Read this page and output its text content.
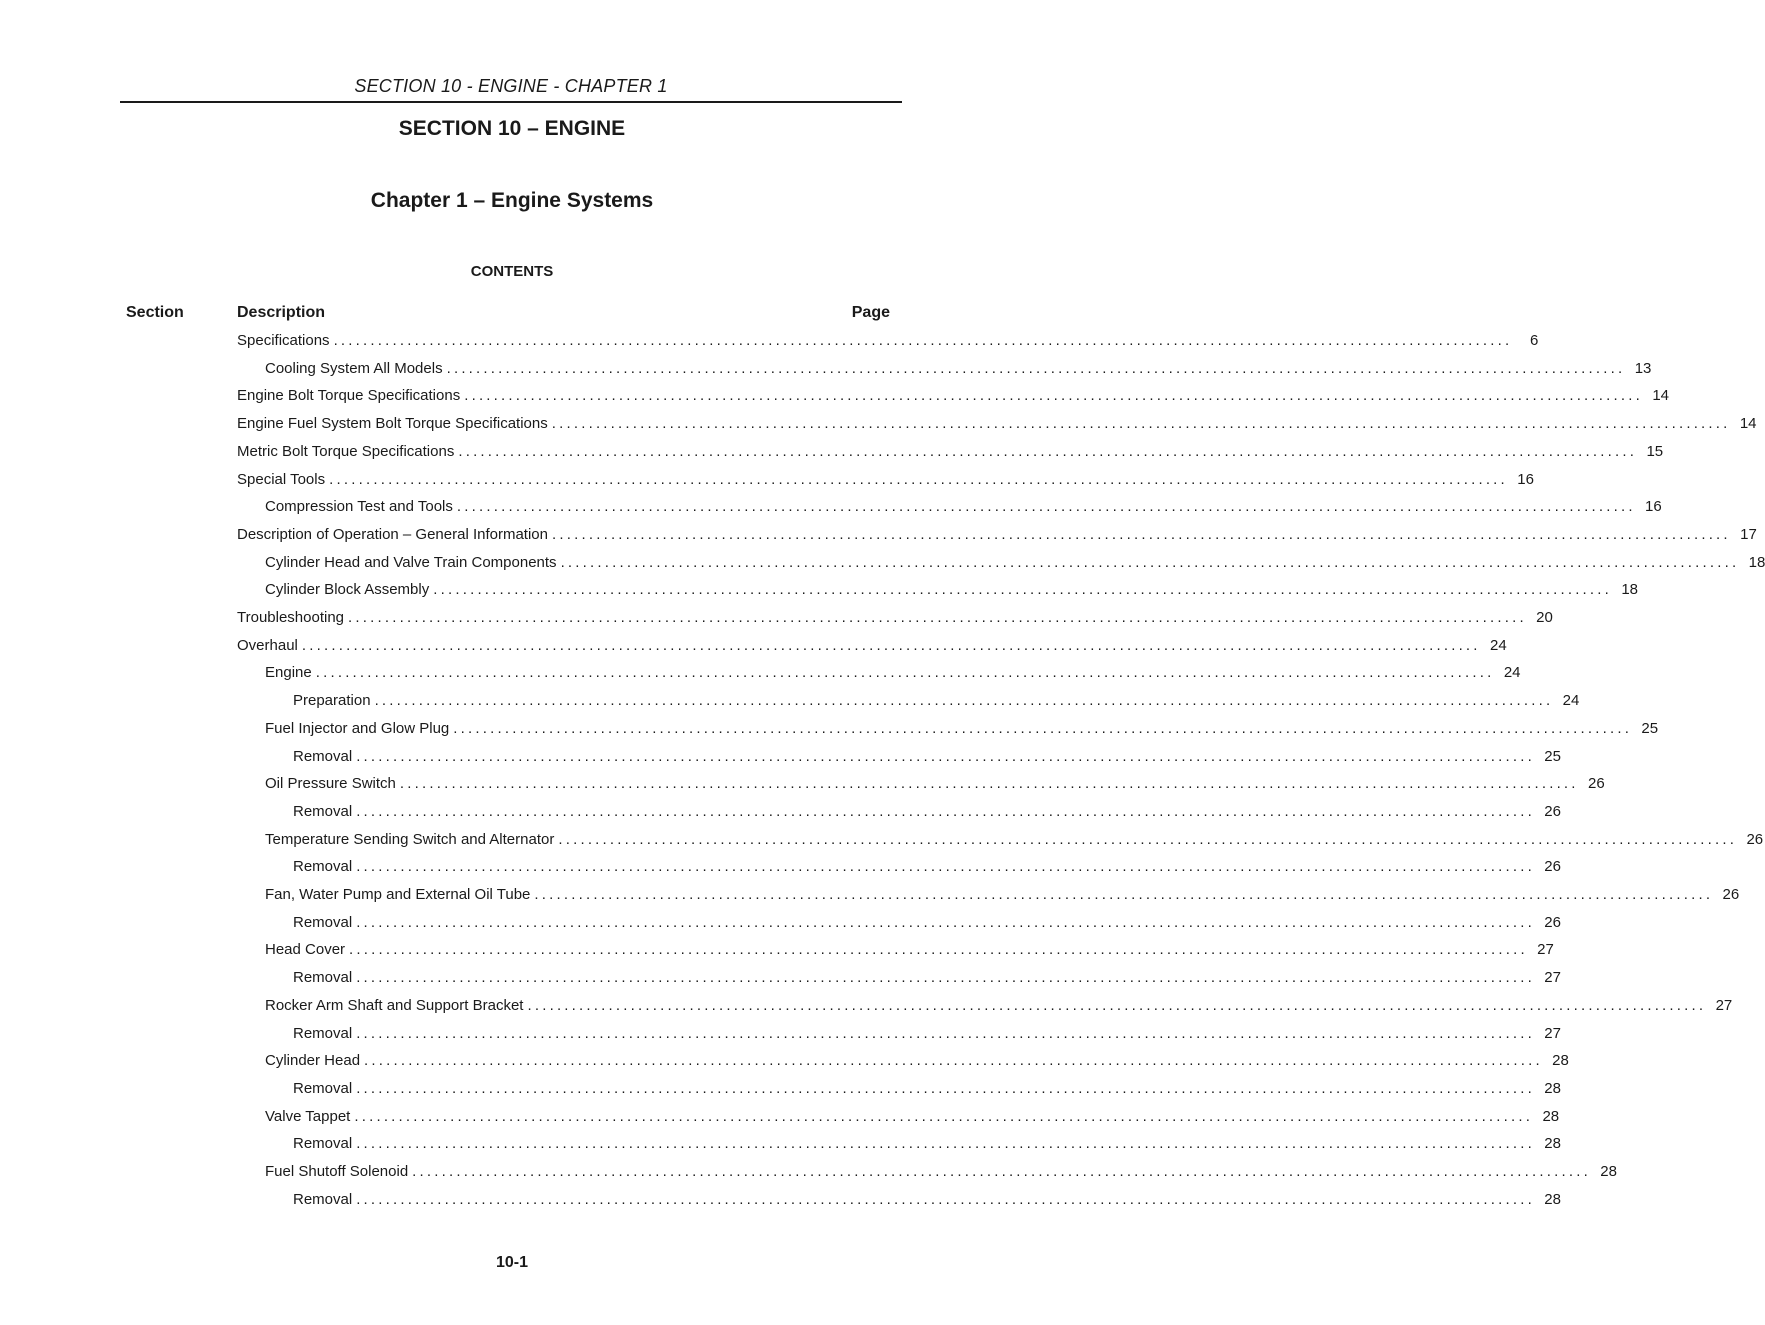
SECTION 10 - ENGINE - CHAPTER 1
SECTION 10 – ENGINE
Chapter 1 – Engine Systems
CONTENTS
Section	Description	Page
Specifications ................................................................................................................................................................	6
Cooling System All Models ................................................................................................................................................................ 13
Engine Bolt Torque Specifications ................................................................................................................................................................ 14
Engine Fuel System Bolt Torque Specifications ................................................................................................................................................................ 14
Metric Bolt Torque Specifications ................................................................................................................................................................ 15
Special Tools ................................................................................................................................................................ 16
Compression Test and Tools ................................................................................................................................................................ 16
Description of Operation – General Information ................................................................................................................................................................ 17
Cylinder Head and Valve Train Components ................................................................................................................................................................ 18
Cylinder Block Assembly ................................................................................................................................................................ 18
Troubleshooting ................................................................................................................................................................ 20
Overhaul ................................................................................................................................................................ 24
Engine ................................................................................................................................................................ 24
Preparation ................................................................................................................................................................ 24
Fuel Injector and Glow Plug ................................................................................................................................................................ 25
Removal ................................................................................................................................................................ 25
Oil Pressure Switch ................................................................................................................................................................ 26
Removal ................................................................................................................................................................ 26
Temperature Sending Switch and Alternator ................................................................................................................................................................ 26
Removal ................................................................................................................................................................ 26
Fan, Water Pump and External Oil Tube ................................................................................................................................................................ 26
Removal ................................................................................................................................................................ 26
Head Cover ................................................................................................................................................................ 27
Removal ................................................................................................................................................................ 27
Rocker Arm Shaft and Support Bracket ................................................................................................................................................................ 27
Removal ................................................................................................................................................................ 27
Cylinder Head ................................................................................................................................................................ 28
Removal ................................................................................................................................................................ 28
Valve Tappet ................................................................................................................................................................ 28
Removal ................................................................................................................................................................ 28
Fuel Shutoff Solenoid ................................................................................................................................................................ 28
Removal ................................................................................................................................................................ 28
10-1
